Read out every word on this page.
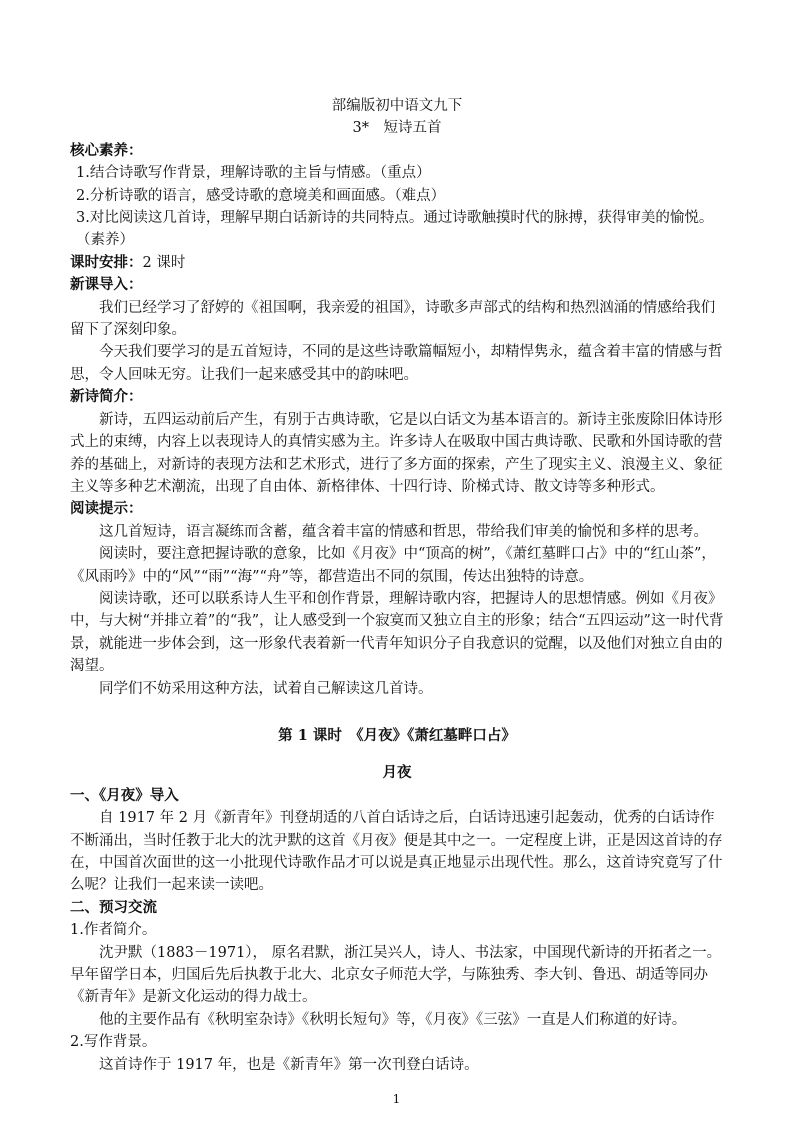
部编版初中语文九下

3*　短诗五首

核心素养：

1.结合诗歌写作背景，理解诗歌的主旨与情感。（重点）

2.分析诗歌的语言，感受诗歌的意境美和画面感。（难点）

3.对比阅读这几首诗，理解早期白话新诗的共同特点。通过诗歌触摸时代的脉搏，获得审美的愉悦。（素养）

课时安排：2 课时

新课导入：

我们已经学习了舒婷的《祖国啊，我亲爱的祖国》，诗歌多声部式的结构和热烈汹涌的情感给我们留下了深刻印象。

今天我们要学习的是五首短诗，不同的是这些诗歌篇幅短小，却精悍隽永，蕴含着丰富的情感与哲思，令人回味无穷。让我们一起来感受其中的韵味吧。

新诗简介：

新诗，五四运动前后产生，有别于古典诗歌，它是以白话文为基本语言的。新诗主张废除旧体诗形式上的束缚，内容上以表现诗人的真情实感为主。许多诗人在吸取中国古典诗歌、民歌和外国诗歌的营养的基础上，对新诗的表现方法和艺术形式，进行了多方面的探索，产生了现实主义、浪漫主义、象征主义等多种艺术潮流，出现了自由体、新格律体、十四行诗、阶梯式诗、散文诗等多种形式。

阅读提示：

这几首短诗，语言凝练而含蓄，蕴含着丰富的情感和哲思，带给我们审美的愉悦和多样的思考。

阅读时，要注意把握诗歌的意象，比如《月夜》中“顶高的树”，《萧红墓畔口占》中的“红山茶”，《风雨吟》中的“风”“雨”“海”“舟”等，都营造出不同的氛围，传达出独特的诗意。

阅读诗歌，还可以联系诗人生平和创作背景，理解诗歌内容，把握诗人的思想情感。例如《月夜》中，与大树“并排立着”的“我”，让人感受到一个寂寞而又独立自主的形象；结合“五四运动”这一时代背景，就能进一步体会到，这一形象代表着新一代青年知识分子自我意识的觉醒，以及他们对独立自由的渴望。

同学们不妨采用这种方法，试着自己解读这几首诗。

第 1 课时　《月夜》《萧红墓畔口占》

月夜

一、《月夜》导入

自 1917 年 2 月《新青年》刊登胡适的八首白话诗之后，白话诗迅速引起轰动，优秀的白话诗作不断涌出，当时任教于北大的沈尹默的这首《月夜》便是其中之一。一定程度上讲，正是因这首诗的存在，中国首次面世的这一小批现代诗歌作品才可以说是真正地显示出现代性。那么，这首诗究竟写了什么呢？让我们一起来读一读吧。

二、预习交流

1.作者简介。

沈尹默（1883－1971）， 原名君默，浙江吴兴人，诗人、书法家，中国现代新诗的开拓者之一。早年留学日本，归国后先后执教于北大、北京女子师范大学，与陈独秀、李大钊、鲁迅、胡适等同办《新青年》是新文化运动的得力战士。

他的主要作品有《秋明室杂诗》《秋明长短句》等，《月夜》《三弦》一直是人们称道的好诗。

2.写作背景。

这首诗作于 1917 年，也是《新青年》第一次刊登白话诗。

1
